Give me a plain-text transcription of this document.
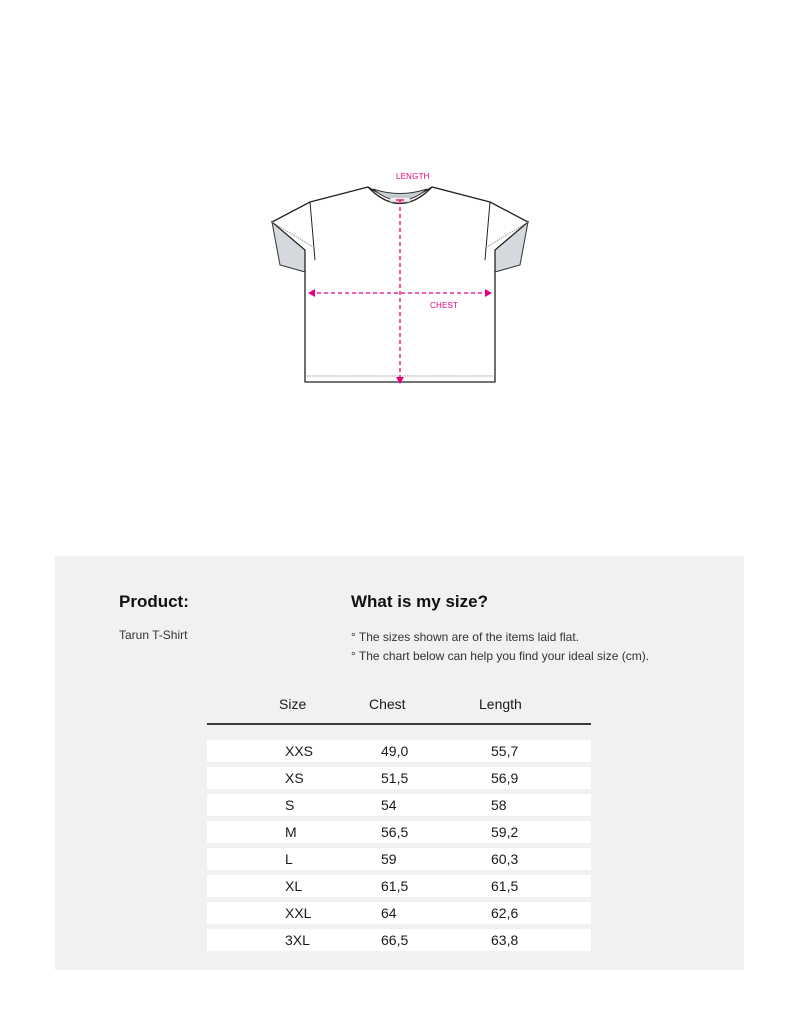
LENGTH
CHEST
Product:
Tarun T-Shirt
What is my size?
° The sizes shown are of the items laid flat.
° The chart below can help you find your ideal size (cm).
Size	Chest	Length
XXS	49,0	55,7
XS	51,5	56,9
S	54	58
M	56,5	59,2
L	59	60,3
XL	61,5	61,5
XXL	64	62,6
3XL	66,5	63,8
